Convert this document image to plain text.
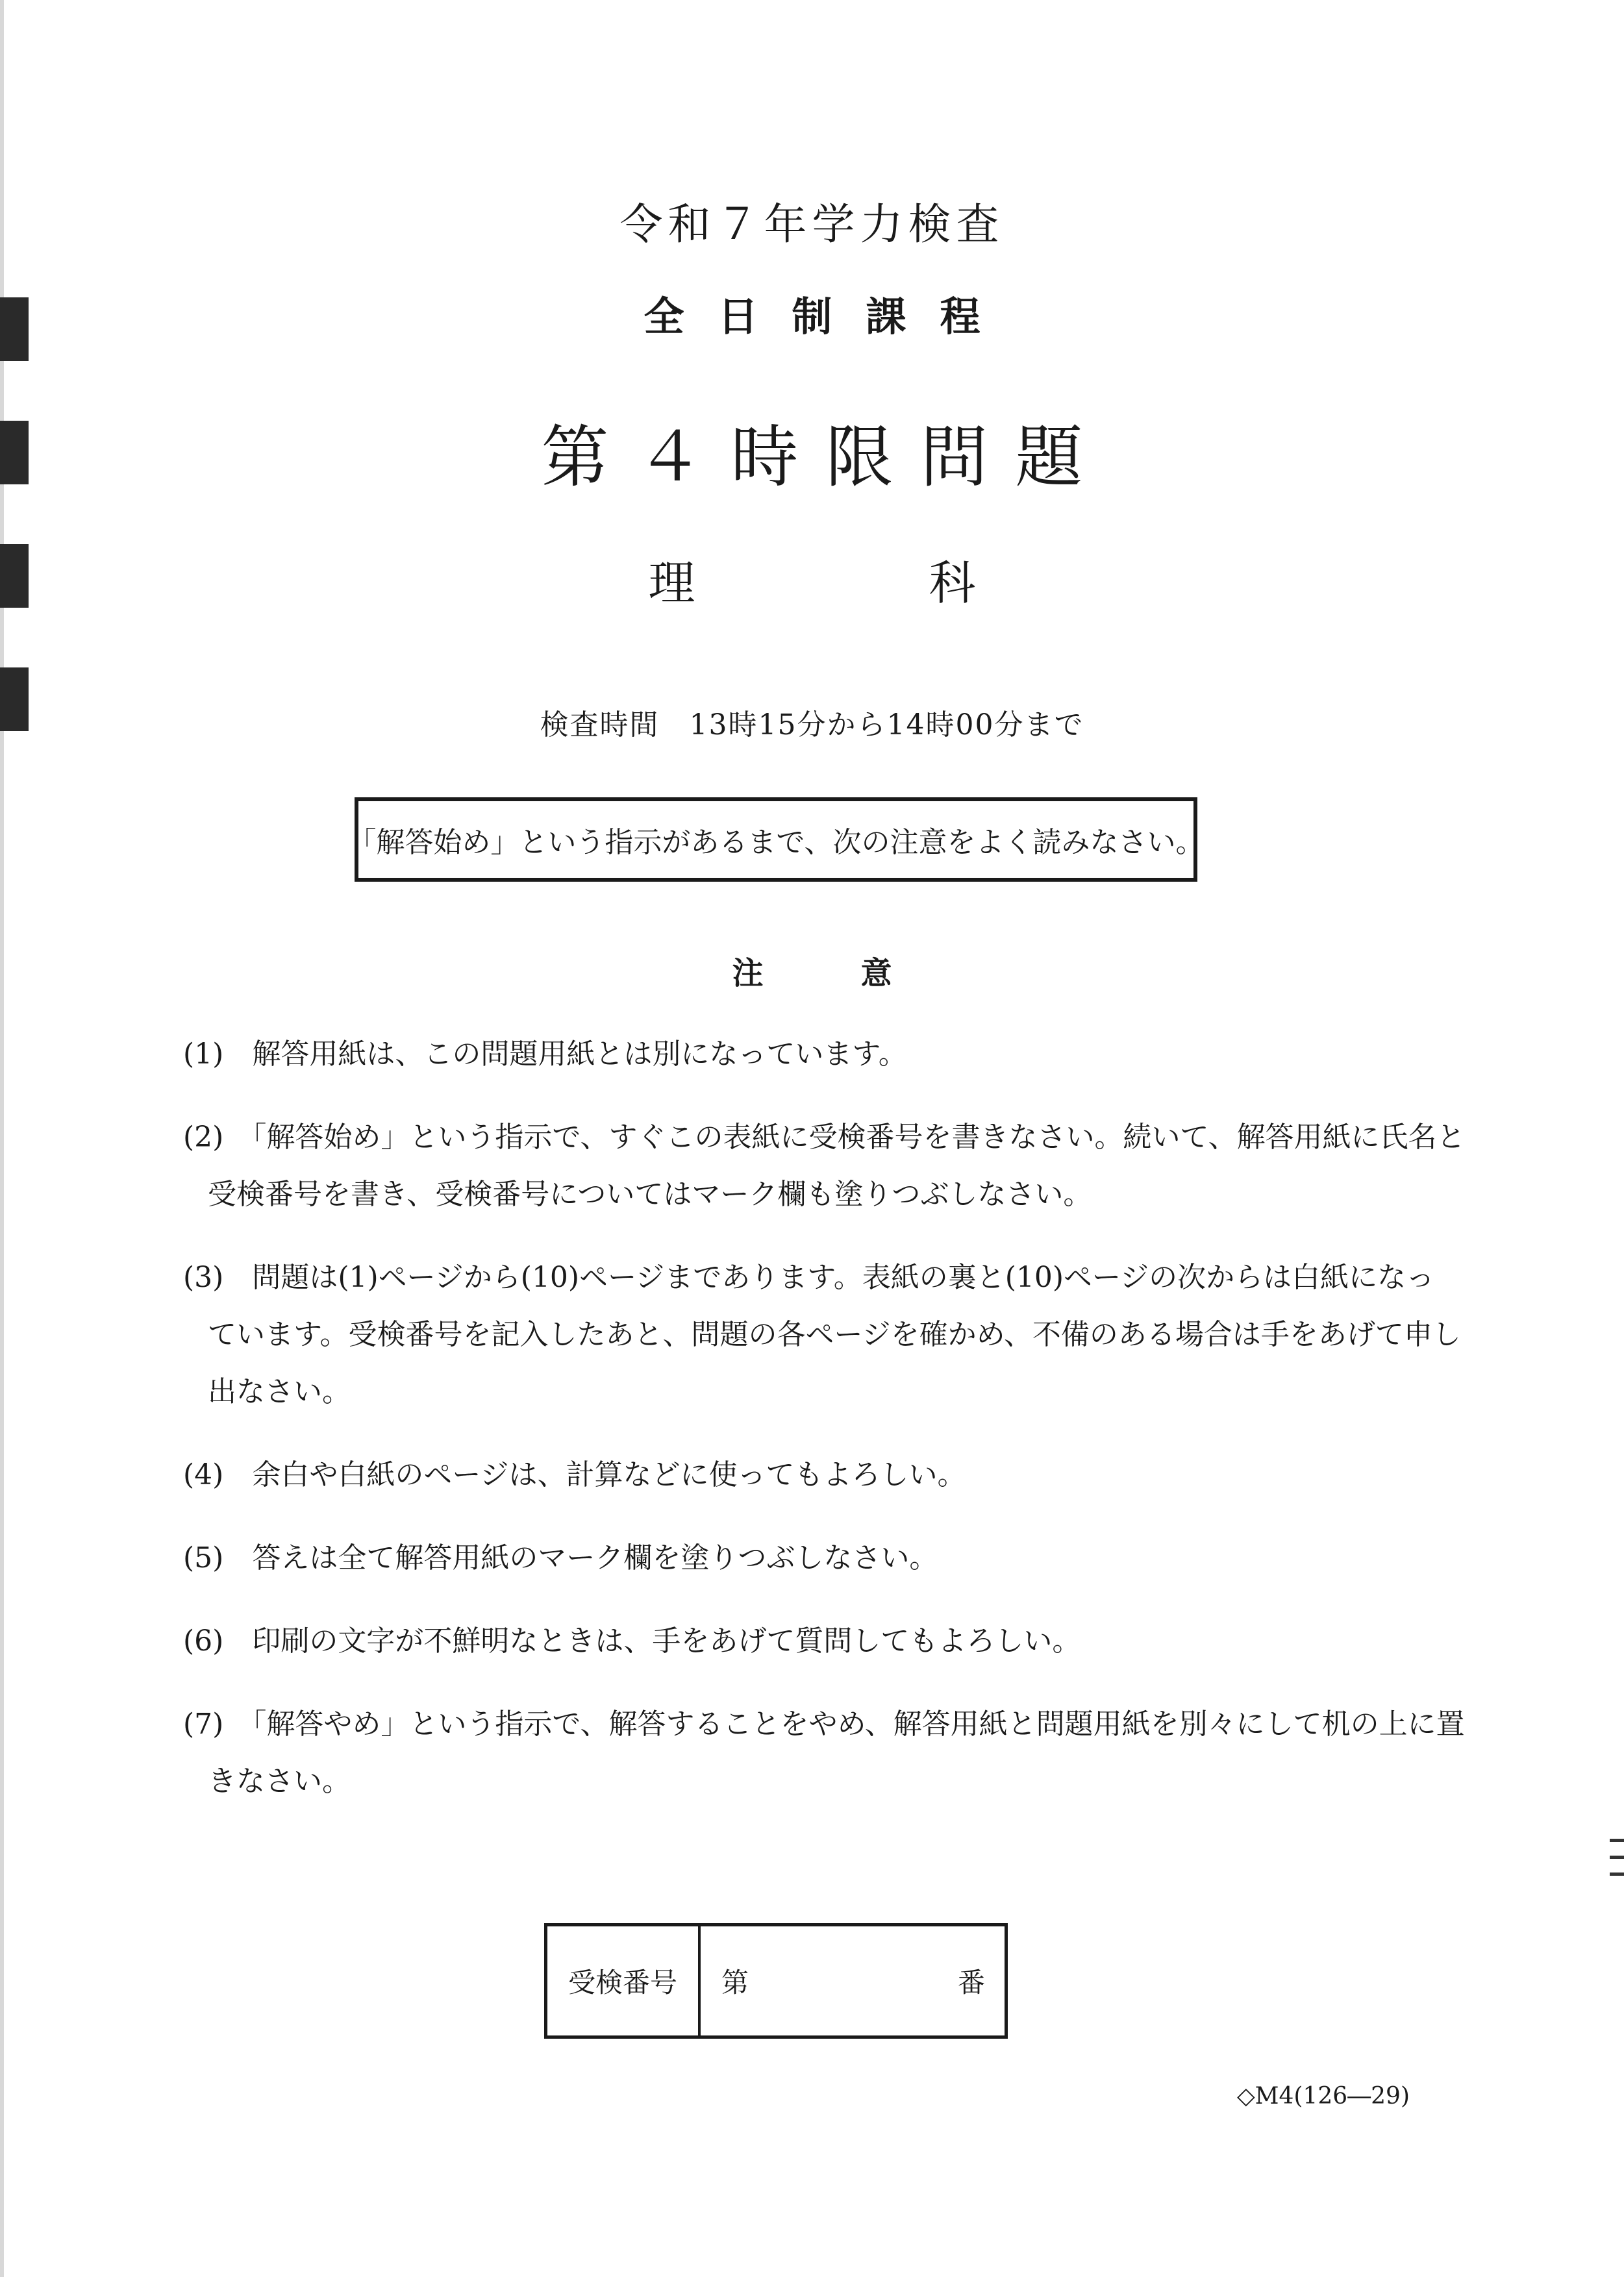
令和７年学力検査
全日制課程
第４時限問題
理科
検査時間　13時15分から14時00分まで
「解答始め」という指示があるまで、次の注意をよく読みなさい。
注意
(1)　解答用紙は、この問題用紙とは別になっています。
(2)　「解答始め」という指示で、すぐこの表紙に受検番号を書きなさい。続いて、解答用紙に氏名と
受検番号を書き、受検番号についてはマーク欄も塗りつぶしなさい。
(3)　問題は(1)ページから(10)ページまであります。表紙の裏と(10)ページの次からは白紙になっ
ています。受検番号を記入したあと、問題の各ページを確かめ、不備のある場合は手をあげて申し
出なさい。
(4)　余白や白紙のページは、計算などに使ってもよろしい。
(5)　答えは全て解答用紙のマーク欄を塗りつぶしなさい。
(6)　印刷の文字が不鮮明なときは、手をあげて質問してもよろしい。
(7)　「解答やめ」という指示で、解答することをやめ、解答用紙と問題用紙を別々にして机の上に置
きなさい。
受検番号	第	番
◇M4(126―29)
